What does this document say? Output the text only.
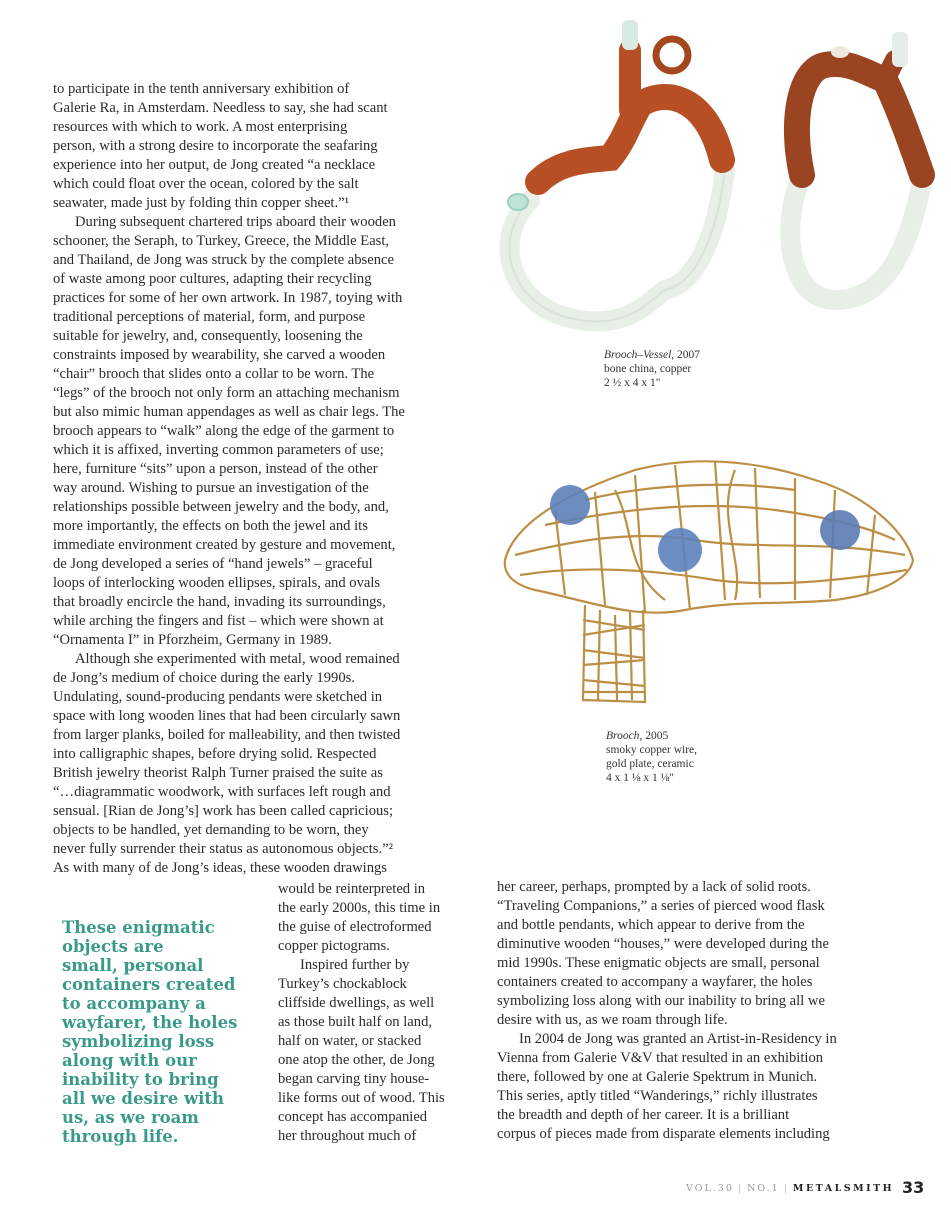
to participate in the tenth anniversary exhibition of
Galerie Ra, in Amsterdam. Needless to say, she had scant
resources with which to work. A most enterprising
person, with a strong desire to incorporate the seafaring
experience into her output, de Jong created “a necklace
which could float over the ocean, colored by the salt
seawater, made just by folding thin copper sheet.”¹
During subsequent chartered trips aboard their wooden
schooner, the Seraph, to Turkey, Greece, the Middle East,
and Thailand, de Jong was struck by the complete absence
of waste among poor cultures, adapting their recycling
practices for some of her own artwork. In 1987, toying with
traditional perceptions of material, form, and purpose
suitable for jewelry, and, consequently, loosening the
constraints imposed by wearability, she carved a wooden
“chair” brooch that slides onto a collar to be worn. The
“legs” of the brooch not only form an attaching mechanism
but also mimic human appendages as well as chair legs. The
brooch appears to “walk” along the edge of the garment to
which it is affixed, inverting common parameters of use;
here, furniture “sits” upon a person, instead of the other
way around. Wishing to pursue an investigation of the
relationships possible between jewelry and the body, and,
more importantly, the effects on both the jewel and its
immediate environment created by gesture and movement,
de Jong developed a series of “hand jewels” – graceful
loops of interlocking wooden ellipses, spirals, and ovals
that broadly encircle the hand, invading its surroundings,
while arching the fingers and fist – which were shown at
“Ornamenta I” in Pforzheim, Germany in 1989.
Although she experimented with metal, wood remained
de Jong’s medium of choice during the early 1990s.
Undulating, sound-producing pendants were sketched in
space with long wooden lines that had been circularly sawn
from larger planks, boiled for malleability, and then twisted
into calligraphic shapes, before drying solid. Respected
British jewelry theorist Ralph Turner praised the suite as
“…diagrammatic woodwork, with surfaces left rough and
sensual. [Rian de Jong’s] work has been called capricious;
objects to be handled, yet demanding to be worn, they
never fully surrender their status as autonomous objects.”²
As with many of de Jong’s ideas, these wooden drawings
These enigmatic
objects are
small, personal
containers created
to accompany a
wayfarer, the holes
symbolizing loss
along with our
inability to bring
all we desire with
us, as we roam
through life.
would be reinterpreted in
the early 2000s, this time in
the guise of electroformed
copper pictograms.
Inspired further by
Turkey’s chockablock
cliffside dwellings, as well
as those built half on land,
half on water, or stacked
one atop the other, de Jong
began carving tiny house-
like forms out of wood. This
concept has accompanied
her throughout much of
her career, perhaps, prompted by a lack of solid roots.
“Traveling Companions,” a series of pierced wood flask
and bottle pendants, which appear to derive from the
diminutive wooden “houses,” were developed during the
mid 1990s. These enigmatic objects are small, personal
containers created to accompany a wayfarer, the holes
symbolizing loss along with our inability to bring all we
desire with us, as we roam through life.
In 2004 de Jong was granted an Artist-in-Residency in
Vienna from Galerie V&V that resulted in an exhibition
there, followed by one at Galerie Spektrum in Munich.
This series, aptly titled “Wanderings,” richly illustrates
the breadth and depth of her career. It is a brilliant
corpus of pieces made from disparate elements including
Brooch–Vessel, 2007
bone china, copper
2 ½ x 4 x 1"
Brooch, 2005
smoky copper wire,
gold plate, ceramic
4 x 1 ⅛ x 1 ⅛"
VOL.30 | NO.1 | METALSMITH 33
